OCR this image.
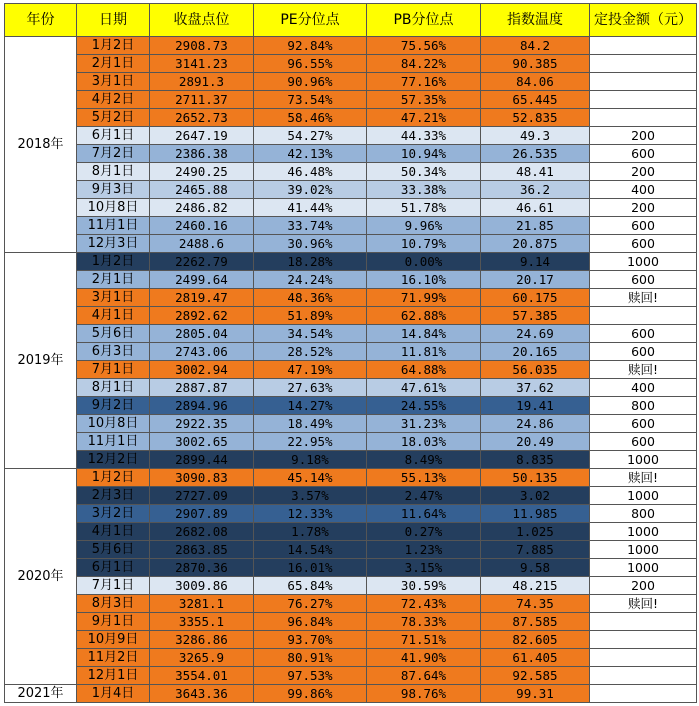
年份	日期	收盘点位	PE分位点	PB分位点	指数温度	定投金额（元）
2018年	1月2日	2908.73	92.84%	75.56%	84.2	
	2月1日	3141.23	96.55%	84.22%	90.385	
	3月1日	2891.3	90.96%	77.16%	84.06	
	4月2日	2711.37	73.54%	57.35%	65.445	
	5月2日	2652.73	58.46%	47.21%	52.835	
	6月1日	2647.19	54.27%	44.33%	49.3	200
	7月2日	2386.38	42.13%	10.94%	26.535	600
	8月1日	2490.25	46.48%	50.34%	48.41	200
	9月3日	2465.88	39.02%	33.38%	36.2	400
	10月8日	2486.82	41.44%	51.78%	46.61	200
	11月1日	2460.16	33.74%	9.96%	21.85	600
	12月3日	2488.6	30.96%	10.79%	20.875	600
2019年	1月2日	2262.79	18.28%	0.00%	9.14	1000
	2月1日	2499.64	24.24%	16.10%	20.17	600
	3月1日	2819.47	48.36%	71.99%	60.175	赎回!
	4月1日	2892.62	51.89%	62.88%	57.385	
	5月6日	2805.04	34.54%	14.84%	24.69	600
	6月3日	2743.06	28.52%	11.81%	20.165	600
	7月1日	3002.94	47.19%	64.88%	56.035	赎回!
	8月1日	2887.87	27.63%	47.61%	37.62	400
	9月2日	2894.96	14.27%	24.55%	19.41	800
	10月8日	2922.35	18.49%	31.23%	24.86	600
	11月1日	3002.65	22.95%	18.03%	20.49	600
	12月2日	2899.44	9.18%	8.49%	8.835	1000
2020年	1月2日	3090.83	45.14%	55.13%	50.135	赎回!
	2月3日	2727.09	3.57%	2.47%	3.02	1000
	3月2日	2907.89	12.33%	11.64%	11.985	800
	4月1日	2682.08	1.78%	0.27%	1.025	1000
	5月6日	2863.85	14.54%	1.23%	7.885	1000
	6月1日	2870.36	16.01%	3.15%	9.58	1000
	7月1日	3009.86	65.84%	30.59%	48.215	200
	8月3日	3281.1	76.27%	72.43%	74.35	赎回!
	9月1日	3355.1	96.84%	78.33%	87.585	
	10月9日	3286.86	93.70%	71.51%	82.605	
	11月2日	3265.9	80.91%	41.90%	61.405	
	12月1日	3554.01	97.53%	87.64%	92.585	
2021年	1月4日	3643.36	99.86%	98.76%	99.31	
